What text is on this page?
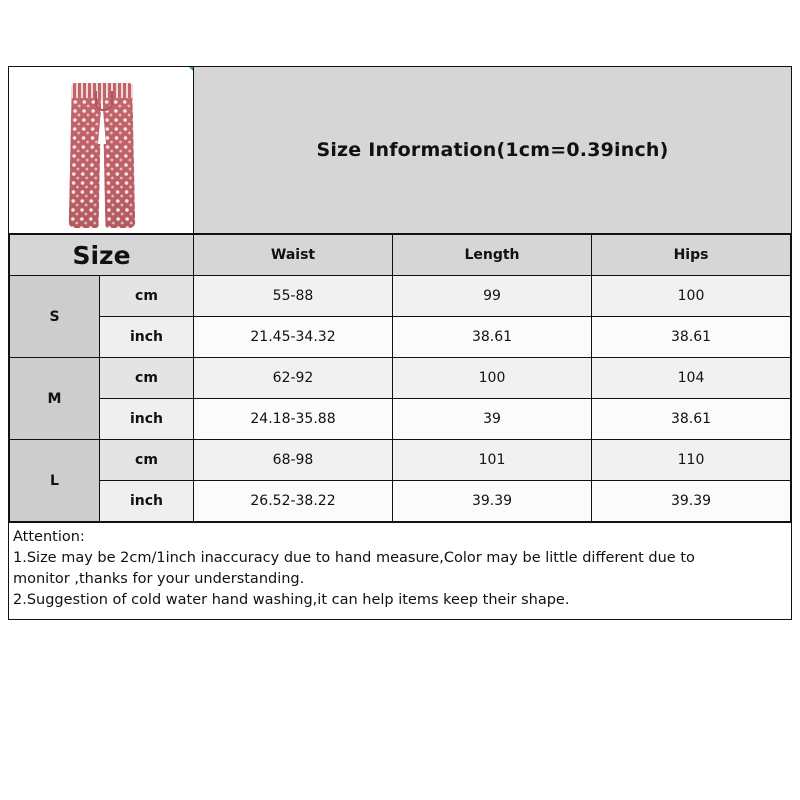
Size Information(1cm=0.39inch)
Size		Waist	Length	Hips
S	cm	55-88	99	100
	inch	21.45-34.32	38.61	38.61
M	cm	62-92	100	104
	inch	24.18-35.88	39	38.61
L	cm	68-98	101	110
	inch	26.52-38.22	39.39	39.39
Attention:
1.Size may be 2cm/1inch inaccuracy due to hand measure,Color may be little different due to
monitor ,thanks for your understanding.
2.Suggestion of cold water hand washing,it can help items keep their shape.
